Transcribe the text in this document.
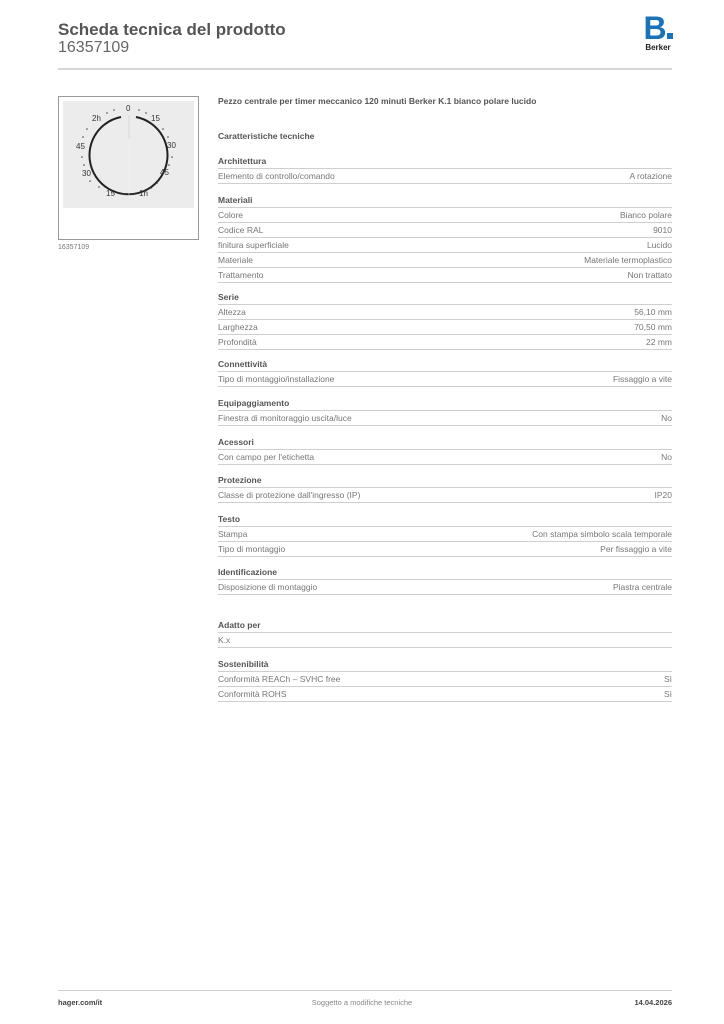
Scheda tecnica del prodotto
16357109
B
Berker
0
15
30
45
1h
15
30
45
2h
16357109
Pezzo centrale per timer meccanico 120 minuti Berker K.1 bianco polare lucido
Caratteristiche tecniche
Architettura
Elemento di controllo/comando	A rotazione
Materiali
Colore	Bianco polare
Codice RAL	9010
finitura superficiale	Lucido
Materiale	Materiale termoplastico
Trattamento	Non trattato
Serie
Altezza	56,10 mm
Larghezza	70,50 mm
Profondità	22 mm
Connettività
Tipo di montaggio/installazione	Fissaggio a vite
Equipaggiamento
Finestra di monitoraggio uscita/luce	No
Acessori
Con campo per l'etichetta	No
Protezione
Classe di protezione dall'ingresso (IP)	IP20
Testo
Stampa	Con stampa simbolo scala temporale
Tipo di montaggio	Per fissaggio a vite
Identificazione
Disposizione di montaggio	Piastra centrale
Adatto per
K.x
Sostenibilità
Conformità REACh – SVHC free	Sì
Conformità ROHS	Sì
hager.com/it	Soggetto a modifiche tecniche	14.04.2026
